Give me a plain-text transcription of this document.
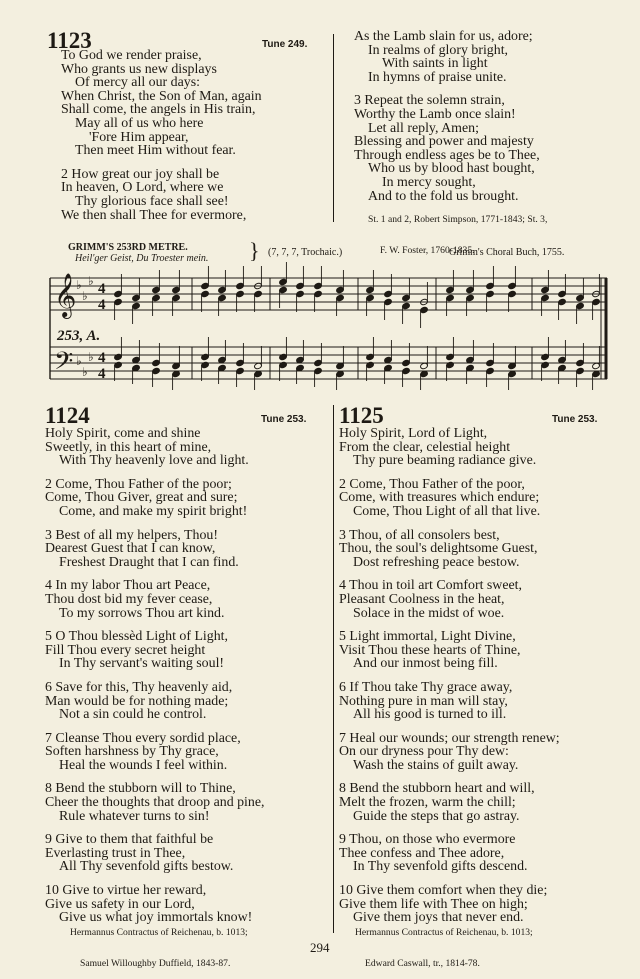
1123	Tune 249.
To God we render praise,
Who grants us new displays
Of mercy all our days:
When Christ, the Son of Man, again
Shall come, the angels in His train,
May all of us who here
'Fore Him appear,
Then meet Him without fear.
2 How great our joy shall be
In heaven, O Lord, where we
Thy glorious face shall see!
We then shall Thee for evermore,
As the Lamb slain for us, adore;
In realms of glory bright,
With saints in light
In hymns of praise unite.
3 Repeat the solemn strain,
Worthy the Lamb once slain!
Let all reply, Amen;
Blessing and power and majesty
Through endless ages be to Thee,
Who us by blood hast bought,
In mercy sought,
And to the fold us brought.

St. 1 and 2, Robert Simpson, 1771-1843; St. 3,

F. W. Foster, 1760-1835.

GRIMM'S 253RD METRE.
Heil'ger Geist, Du Troester mein. } (7, 7, 7, Trochaic.)	Grimm's Choral Buch, 1755.
𝄞
𝄢
♭
♭
♭
♭
♭
♭
4
4
4
4
253, A.
1124	Tune 253.
Holy Spirit, come and shine
Sweetly, in this heart of mine,
With Thy heavenly love and light.
2 Come, Thou Father of the poor;
Come, Thou Giver, great and sure;
Come, and make my spirit bright!
3 Best of all my helpers, Thou!
Dearest Guest that I can know,
Freshest Draught that I can find.
4 In my labor Thou art Peace,
Thou dost bid my fever cease,
To my sorrows Thou art kind.
5 O Thou blessèd Light of Light,
Fill Thou every secret height
In Thy servant's waiting soul!
6 Save for this, Thy heavenly aid,
Man would be for nothing made;
Not a sin could he control.
7 Cleanse Thou every sordid place,
Soften harshness by Thy grace,
Heal the wounds I feel within.
8 Bend the stubborn will to Thine,
Cheer the thoughts that droop and pine,
Rule whatever turns to sin!
9 Give to them that faithful be
Everlasting trust in Thee,
All Thy sevenfold gifts bestow.
10 Give to virtue her reward,
Give us safety in our Lord,
Give us what joy immortals know!

Hermannus Contractus of Reichenau, b. 1013;

Samuel Willoughby Duffield, 1843-87.

1125	Tune 253.
Holy Spirit, Lord of Light,
From the clear, celestial height
Thy pure beaming radiance give.
2 Come, Thou Father of the poor,
Come, with treasures which endure;
Come, Thou Light of all that live.
3 Thou, of all consolers best,
Thou, the soul's delightsome Guest,
Dost refreshing peace bestow.
4 Thou in toil art Comfort sweet,
Pleasant Coolness in the heat,
Solace in the midst of woe.
5 Light immortal, Light Divine,
Visit Thou these hearts of Thine,
And our inmost being fill.
6 If Thou take Thy grace away,
Nothing pure in man will stay,
All his good is turned to ill.
7 Heal our wounds; our strength renew;
On our dryness pour Thy dew:
Wash the stains of guilt away.
8 Bend the stubborn heart and will,
Melt the frozen, warm the chill;
Guide the steps that go astray.
9 Thou, on those who evermore
Thee confess and Thee adore,
In Thy sevenfold gifts descend.
10 Give them comfort when they die;
Give them life with Thee on high;
Give them joys that never end.

Hermannus Contractus of Reichenau, b. 1013;

Edward Caswall, tr., 1814-78.

294
